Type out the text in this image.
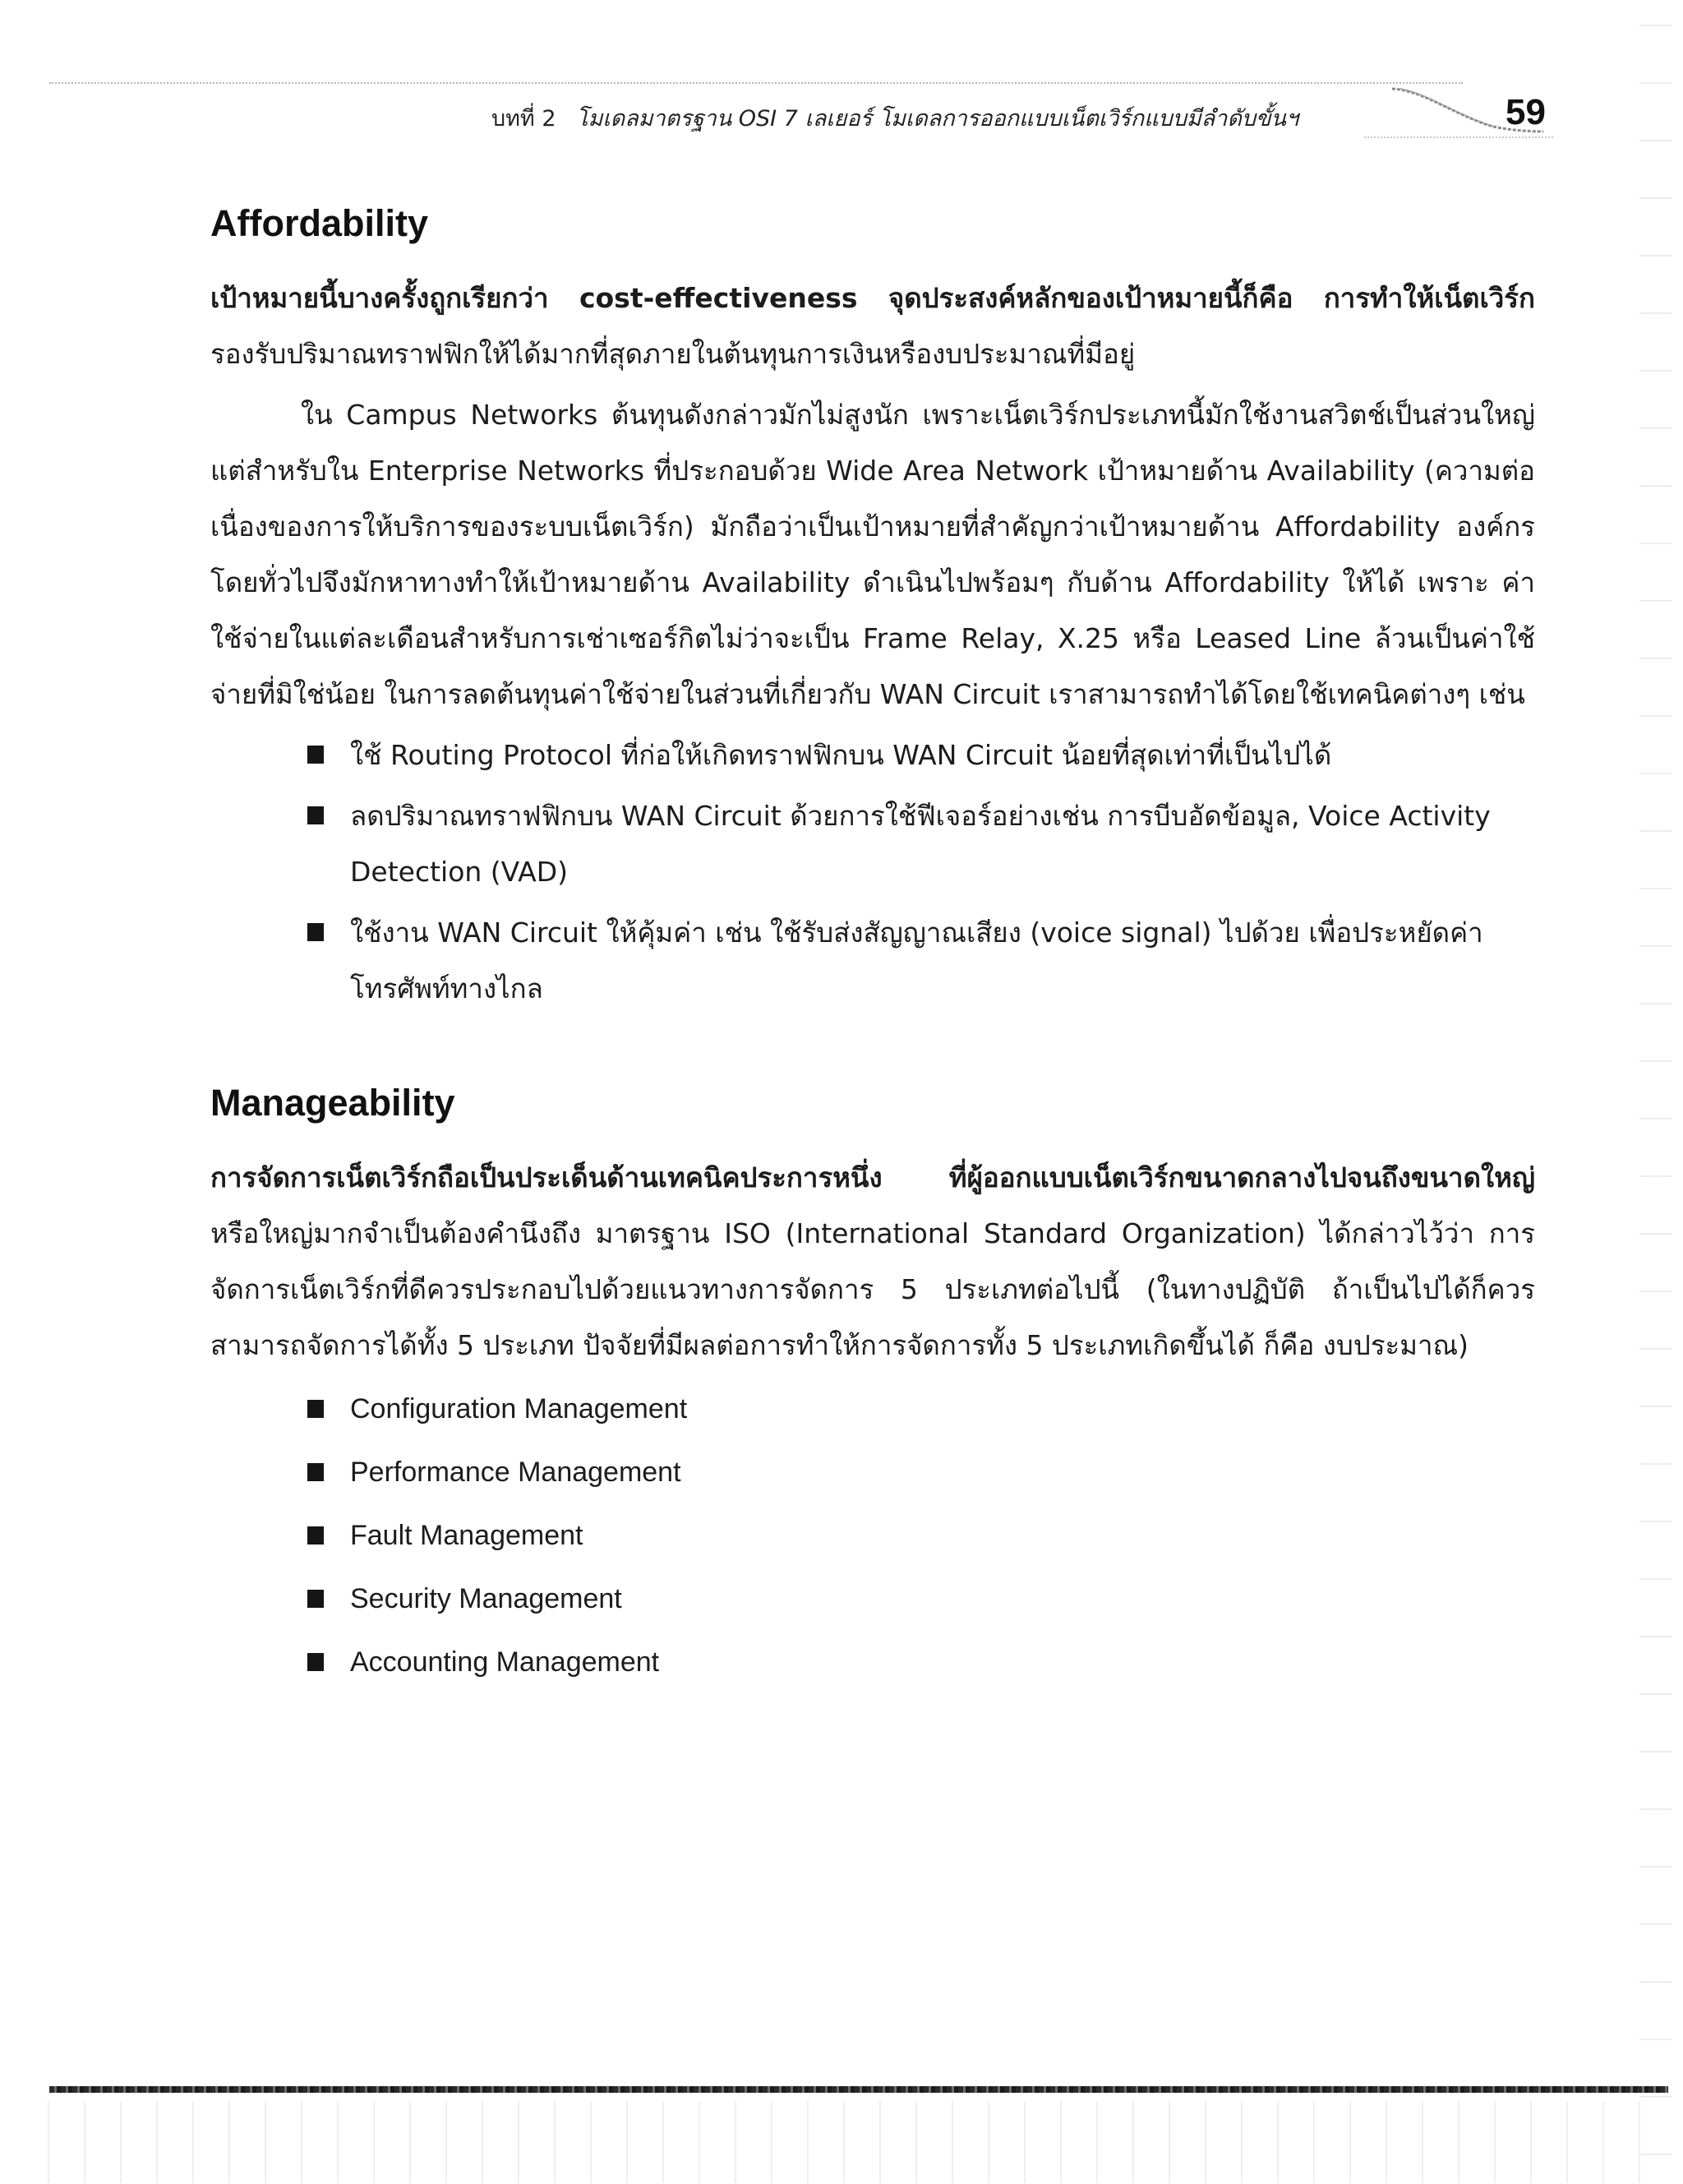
บทที่ 2 โมเดลมาตรฐาน OSI 7 เลเยอร์ โมเดลการออกแบบเน็ตเวิร์กแบบมีลำดับขั้นฯ	59
Affordability

เป้าหมายนี้บางครั้งถูกเรียกว่า cost-effectiveness จุดประสงค์หลักของเป้าหมายนี้ก็คือ การทำให้เน็ตเวิร์ก รองรับปริมาณทราฟฟิกให้ได้มากที่สุดภายในต้นทุนการเงินหรืองบประมาณที่มีอยู่

ใน Campus Networks ต้นทุนดังกล่าวมักไม่สูงนัก เพราะเน็ตเวิร์กประเภทนี้มักใช้งานสวิตช์เป็นส่วนใหญ่ แต่สำหรับใน Enterprise Networks ที่ประกอบด้วย Wide Area Network เป้าหมายด้าน Availability (ความต่อเนื่องของการให้บริการของระบบเน็ตเวิร์ก) มักถือว่าเป็นเป้าหมายที่สำคัญกว่าเป้าหมายด้าน Affordability องค์กรโดยทั่วไปจึงมักหาทางทำให้เป้าหมายด้าน Availability ดำเนินไปพร้อมๆ กับด้าน Affordability ให้ได้ เพราะ ค่าใช้จ่ายในแต่ละเดือนสำหรับการเช่าเซอร์กิตไม่ว่าจะเป็น Frame Relay, X.25 หรือ Leased Line ล้วนเป็นค่าใช้จ่ายที่มิใช่น้อย ในการลดต้นทุนค่าใช้จ่ายในส่วนที่เกี่ยวกับ WAN Circuit เราสามารถทำได้โดยใช้เทคนิคต่างๆ เช่น

ใช้ Routing Protocol ที่ก่อให้เกิดทราฟฟิกบน WAN Circuit น้อยที่สุดเท่าที่เป็นไปได้
ลดปริมาณทราฟฟิกบน WAN Circuit ด้วยการใช้ฟีเจอร์อย่างเช่น การบีบอัดข้อมูล, Voice Activity Detection (VAD)
ใช้งาน WAN Circuit ให้คุ้มค่า เช่น ใช้รับส่งสัญญาณเสียง (voice signal) ไปด้วย เพื่อประหยัดค่าโทรศัพท์ทางไกล
Manageability

การจัดการเน็ตเวิร์กถือเป็นประเด็นด้านเทคนิคประการหนึ่ง ที่ผู้ออกแบบเน็ตเวิร์กขนาดกลางไปจนถึงขนาดใหญ่ หรือใหญ่มากจำเป็นต้องคำนึงถึง มาตรฐาน ISO (International Standard Organization) ได้กล่าวไว้ว่า การจัดการเน็ตเวิร์กที่ดีควรประกอบไปด้วยแนวทางการจัดการ 5 ประเภทต่อไปนี้ (ในทางปฏิบัติ ถ้าเป็นไปได้ก็ควรสามารถจัดการได้ทั้ง 5 ประเภท ปัจจัยที่มีผลต่อการทำให้การจัดการทั้ง 5 ประเภทเกิดขึ้นได้ ก็คือ งบประมาณ)

Configuration Management
Performance Management
Fault Management
Security Management
Accounting Management
